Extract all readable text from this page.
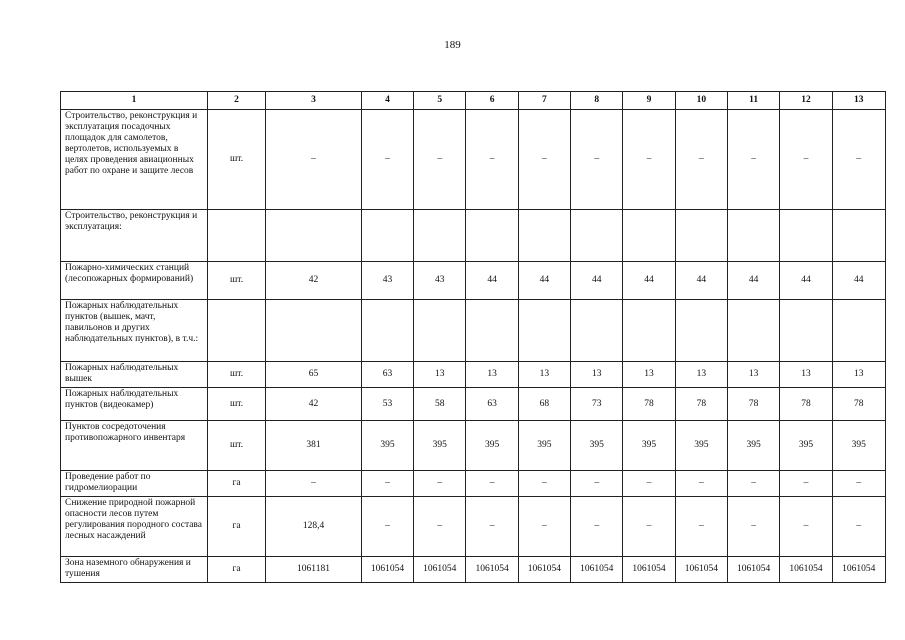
189
1	2	3	4	5	6	7	8	9	10	11	12	13
Строительство, реконструкция и эксплуатация посадочных площадок для самолетов, вертолетов, используемых в целях проведения авиационных работ по охране и защите лесов	шт.	–	–	–	–	–	–	–	–	–	–	–
Строительство, реконструкция и эксплуатация:												
Пожарно-химических станций (лесопожарных формирований)	шт.	42	43	43	44	44	44	44	44	44	44	44
Пожарных наблюдательных пунктов (вышек, мачт, павильонов и других наблюдательных пунктов), в т.ч.:												
Пожарных наблюдательных вышек	шт.	65	63	13	13	13	13	13	13	13	13	13
Пожарных наблюдательных пунктов (видеокамер)	шт.	42	53	58	63	68	73	78	78	78	78	78
Пунктов сосредоточения противопожарного инвентаря	шт.	381	395	395	395	395	395	395	395	395	395	395
Проведение работ по гидромелиорации	га	–	–	–	–	–	–	–	–	–	–	–
Снижение природной пожарной опасности лесов путем регулирования породного состава лесных насаждений	га	128,4	–	–	–	–	–	–	–	–	–	–
Зона наземного обнаружения и тушения	га	1061181	1061054	1061054	1061054	1061054	1061054	1061054	1061054	1061054	1061054	1061054
